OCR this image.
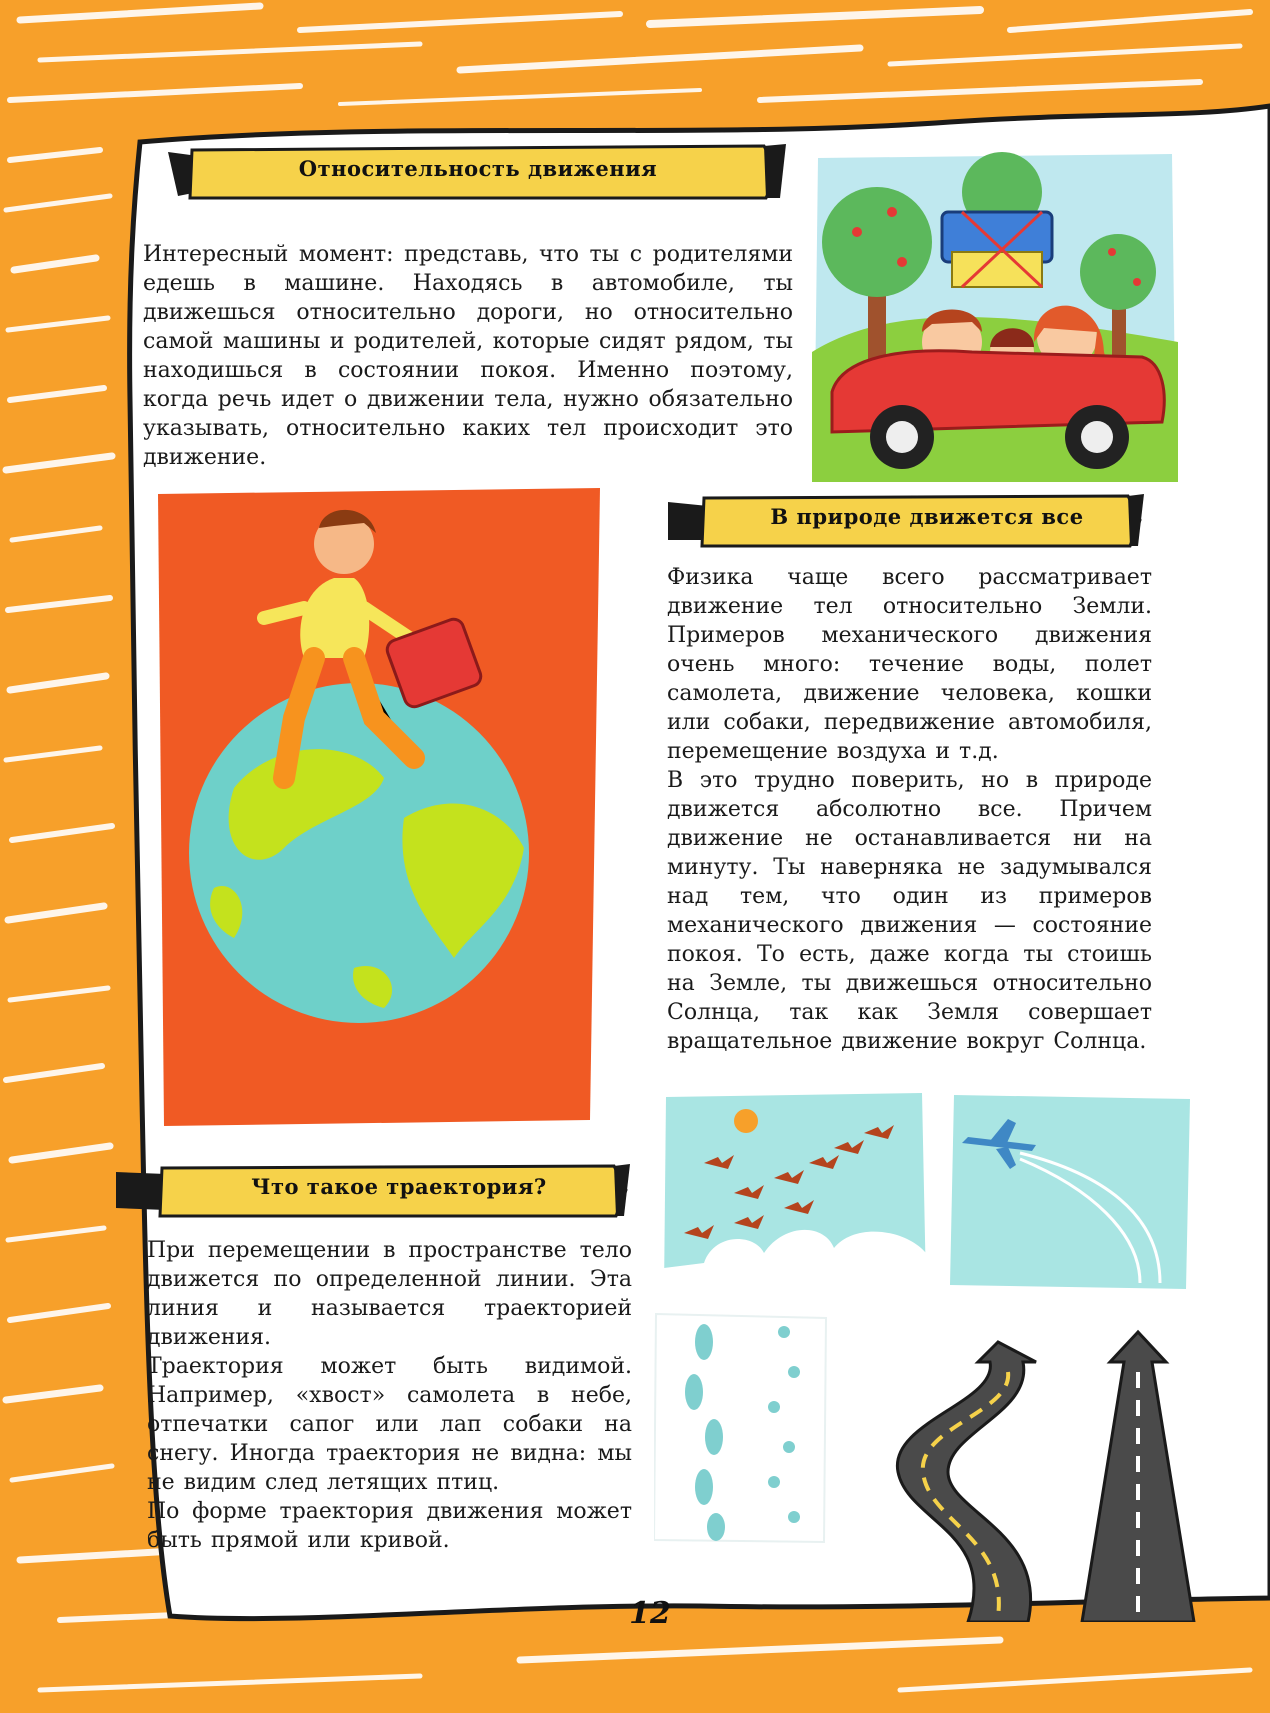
Относительность движения

Интересный момент: представь, что ты с родителями едешь в машине. Находясь в автомобиле, ты движешься относительно дороги, но относительно самой машины и родителей, которые сидят рядом, ты находишься в состоянии покоя. Именно поэтому, когда речь идет о движении тела, нужно обязательно указывать, относительно каких тел происходит это движение.

В природе движется все

Физика чаще всего рассматривает движение тел относительно Земли. Примеров механического движения очень много: течение воды, полет самолета, движение человека, кошки или собаки, передвижение автомобиля, перемещение воздуха и т.д.

В это трудно поверить, но в природе движется абсолютно все. Причем движение не останавливается ни на минуту. Ты наверняка не задумывался над тем, что один из примеров механического движения — состояние покоя. То есть, даже когда ты стоишь на Земле, ты движешься относительно Солнца, так как Земля совершает вращательное движение вокруг Солнца.

Что такое траектория?

При перемещении в пространстве тело движется по определенной линии. Эта линия и называется траекторией движения.

Траектория может быть видимой. Например, «хвост» самолета в небе, отпечатки сапог или лап собаки на снегу. Иногда траектория не видна: мы не видим след летящих птиц.

По форме траектория движения может быть прямой или кривой.

12
